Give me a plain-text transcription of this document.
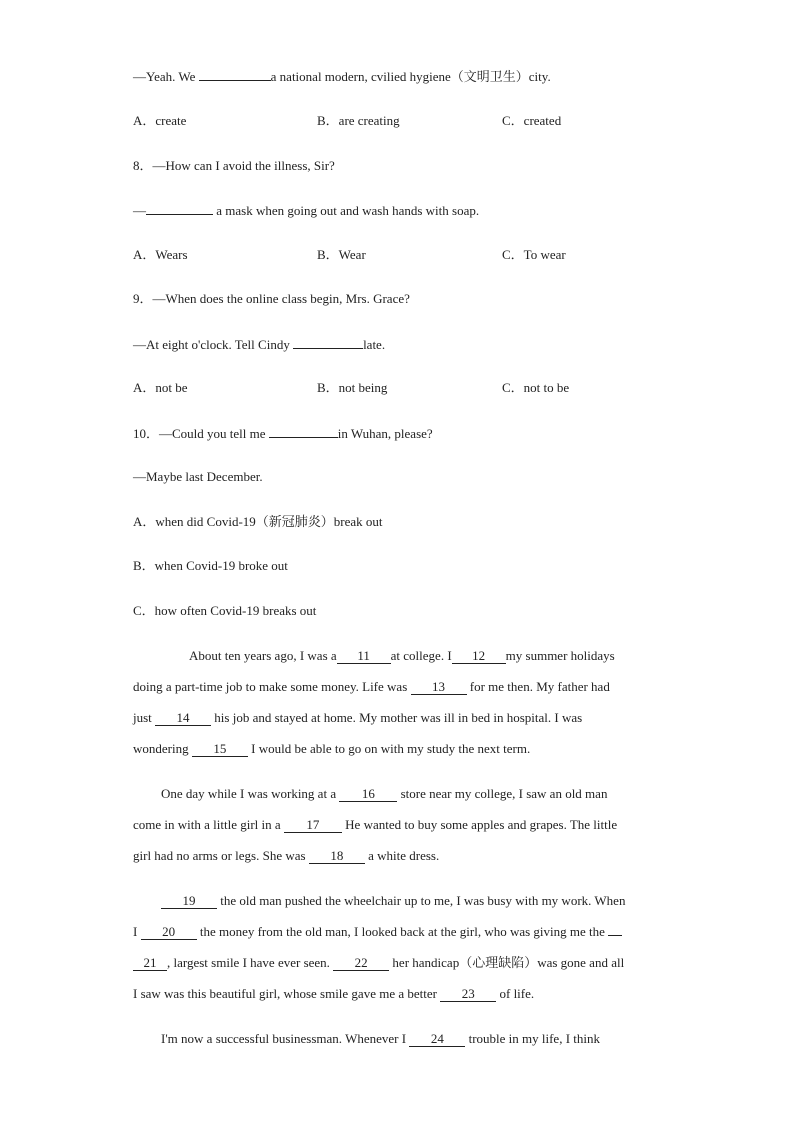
—Yeah. We	a national modern, cvilied hygiene（文明卫生）city.
A．create	B．are creating	C．created
8．—How can I avoid the illness, Sir?
—	a mask when going out and wash hands with soap.
A．Wears	B．Wear	C．To wear
9．—When does the online class begin, Mrs. Grace?
—At eight o'clock. Tell Cindy	late.
A．not be	B．not being	C．not to be
10．—Could you tell me	in Wuhan, please?
—Maybe last December.
A．when did Covid-19（新冠肺炎）break out
B．when Covid-19 broke out
C．how often Covid-19 breaks out

About ten years ago, I was a 11 at college. I 12 my summer holidays

doing a part-time job to make some money. Life was 13 for me then. My father had

just 14 his job and stayed at home. My mother was ill in bed in hospital. I was

wondering 15 I would be able to go on with my study the next term.

One day while I was working at a 16 store near my college, I saw an old man

come in with a little girl in a 17 He wanted to buy some apples and grapes. The little

girl had no arms or legs. She was 18 a white dress.

19 the old man pushed the wheelchair up to me, I was busy with my work. When

I 20 the money from the old man, I looked back at the girl, who was giving me the

21 , largest smile I have ever seen. 22 her handicap（心理缺陷）was gone and all

I saw was this beautiful girl, whose smile gave me a better 23 of life.

I'm now a successful businessman. Whenever I 24 trouble in my life, I think
